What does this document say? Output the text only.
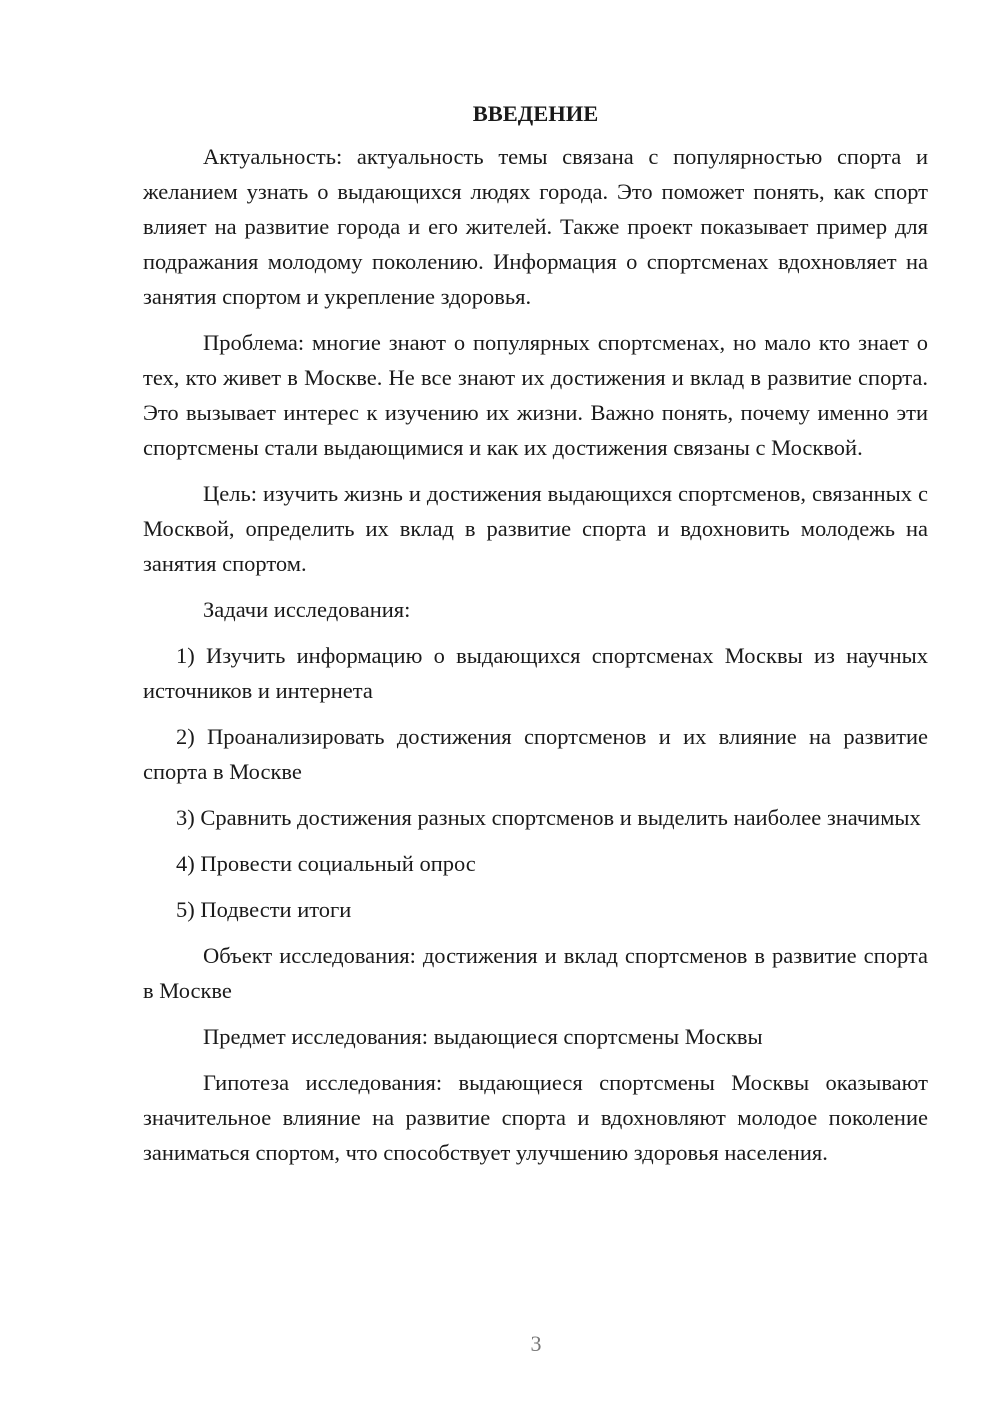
ВВЕДЕНИЕ

Актуальность: актуальность темы связана с популярностью спорта и желанием узнать о выдающихся людях города. Это поможет понять, как спорт влияет на развитие города и его жителей. Также проект показывает пример для подражания молодому поколению. Информация о спортсменах вдохновляет на занятия спортом и укрепление здоровья.

Проблема: многие знают о популярных спортсменах, но мало кто знает о тех, кто живет в Москве. Не все знают их достижения и вклад в развитие спорта. Это вызывает интерес к изучению их жизни. Важно понять, почему именно эти спортсмены стали выдающимися и как их достижения связаны с Москвой.

Цель: изучить жизнь и достижения выдающихся спортсменов, связанных с Москвой, определить их вклад в развитие спорта и вдохновить молодежь на занятия спортом.

Задачи исследования:

1) Изучить информацию о выдающихся спортсменах Москвы из научных источников и интернета

2) Проанализировать достижения спортсменов и их влияние на развитие спорта в Москве

3) Сравнить достижения разных спортсменов и выделить наиболее значимых

4) Провести социальный опрос

5) Подвести итоги

Объект исследования: достижения и вклад спортсменов в развитие спорта в Москве

Предмет исследования: выдающиеся спортсмены Москвы

Гипотеза исследования: выдающиеся спортсмены Москвы оказывают значительное влияние на развитие спорта и вдохновляют молодое поколение заниматься спортом, что способствует улучшению здоровья населения.

3
